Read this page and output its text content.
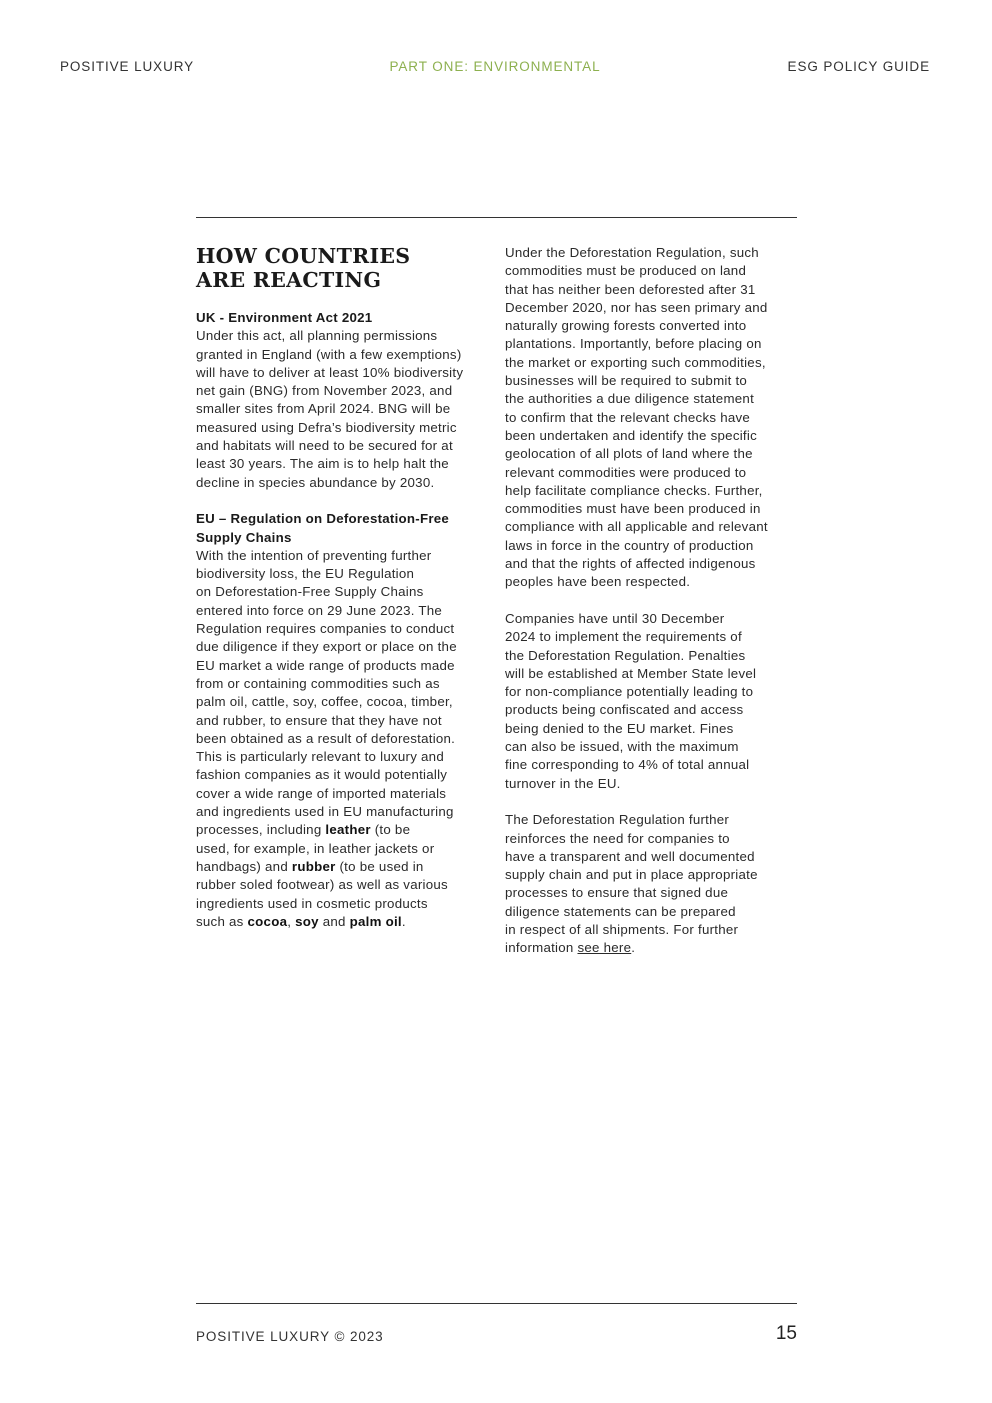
POSITIVE LUXURY	PART ONE: ENVIRONMENTAL	ESG POLICY GUIDE
HOW COUNTRIES
ARE REACTING

UK - Environment Act 2021

Under this act, all planning permissions
granted in England (with a few exemptions)
will have to deliver at least 10% biodiversity
net gain (BNG) from November 2023, and
smaller sites from April 2024. BNG will be
measured using Defra’s biodiversity metric
and habitats will need to be secured for at
least 30 years. The aim is to help halt the
decline in species abundance by 2030.

EU – Regulation on Deforestation-Free
Supply Chains

With the intention of preventing further
biodiversity loss, the EU Regulation
on Deforestation-Free Supply Chains
entered into force on 29 June 2023. The
Regulation requires companies to conduct
due diligence if they export or place on the
EU market a wide range of products made
from or containing commodities such as
palm oil, cattle, soy, coffee, cocoa, timber,
and rubber, to ensure that they have not
been obtained as a result of deforestation.
This is particularly relevant to luxury and
fashion companies as it would potentially
cover a wide range of imported materials
and ingredients used in EU manufacturing
processes, including leather (to be
used, for example, in leather jackets or
handbags) and rubber (to be used in
rubber soled footwear) as well as various
ingredients used in cosmetic products
such as cocoa, soy and palm oil.

Under the Deforestation Regulation, such
commodities must be produced on land
that has neither been deforested after 31
December 2020, nor has seen primary and
naturally growing forests converted into
plantations. Importantly, before placing on
the market or exporting such commodities,
businesses will be required to submit to
the authorities a due diligence statement
to confirm that the relevant checks have
been undertaken and identify the specific
geolocation of all plots of land where the
relevant commodities were produced to
help facilitate compliance checks. Further,
commodities must have been produced in
compliance with all applicable and relevant
laws in force in the country of production
and that the rights of affected indigenous
peoples have been respected.

Companies have until 30 December
2024 to implement the requirements of
the Deforestation Regulation. Penalties
will be established at Member State level
for non-compliance potentially leading to
products being confiscated and access
being denied to the EU market. Fines
can also be issued, with the maximum
fine corresponding to 4% of total annual
turnover in the EU.

The Deforestation Regulation further
reinforces the need for companies to
have a transparent and well documented
supply chain and put in place appropriate
processes to ensure that signed due
diligence statements can be prepared
in respect of all shipments. For further
information see here.

POSITIVE LUXURY © 2023	15
